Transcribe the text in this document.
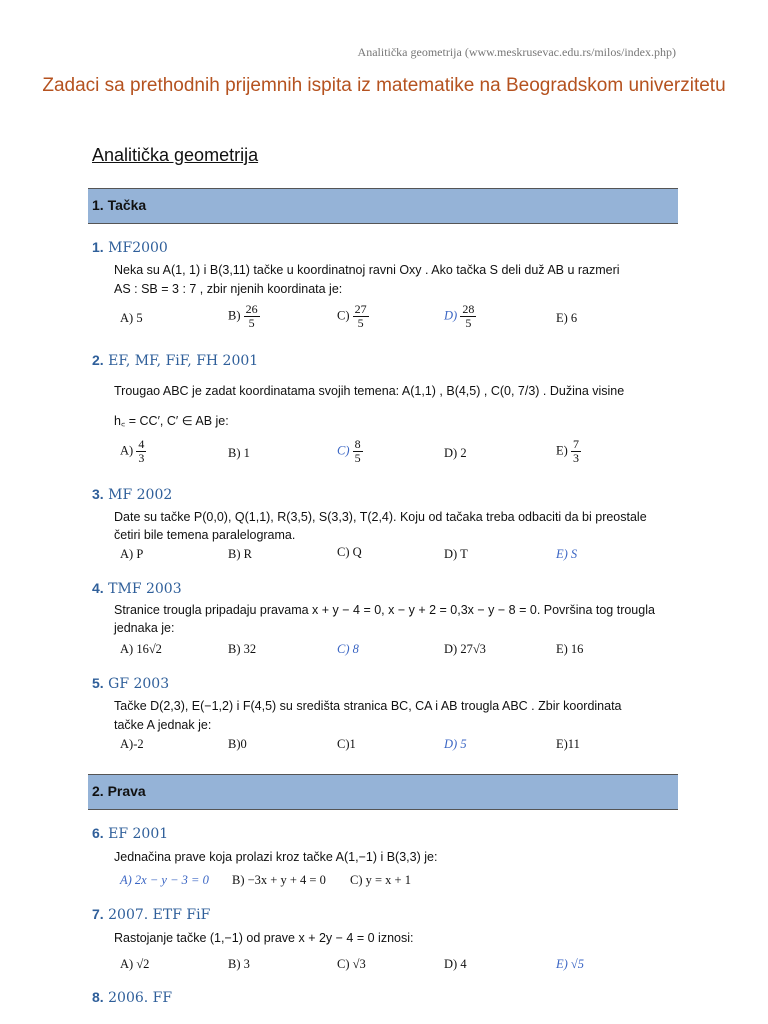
Analitička geometrija (www.meskrusevac.edu.rs/milos/index.php)
Zadaci sa prethodnih prijemnih ispita iz matematike na Beogradskom univerzitetu
Analitička geometrija
1. Tačka
2. Prava
1. MF2000
Neka su A(1, 1) i B(3,11) tačke u koordinatnoj ravni Oxy . Ako tačka S deli duž AB u razmeri
AS : SB = 3 : 7 , zbir njenih koordinata je:
A) 5	$B) \frac{26}{5}$	$C) \frac{27}{5}$	$D) \frac{28}{5}$	E) 6
2. EF, MF, FiF, FH 2001
Trougao ABC je zadat koordinatama svojih temena: A(1,1) , B(4,5) , C(0, 7/3) . Dužina visine
h꜀ = CC′, C′ ∈ AB je:
$A) \frac{4}{3}$	B) 1	$C) \frac{8}{5}$	D) 2	$E) \frac{7}{3}$
3. MF 2002
Date su tačke P(0,0), Q(1,1), R(3,5), S(3,3), T(2,4). Koju od tačaka treba odbaciti da bi preostale
četiri bile temena paralelograma.
A) P	B) R	C) Q	D) T	E) S
4. TMF 2003
Stranice trougla pripadaju pravama x + y − 4 = 0, x − y + 2 = 0,3x − y − 8 = 0. Površina tog trougla
jednaka je:
A) 16√2	B) 32	C) 8	D) 27√3	E) 16
5. GF 2003
Tačke D(2,3), E(−1,2) i F(4,5) su središta stranica BC, CA i AB trougla ABC . Zbir koordinata
tačke A jednak je:
A)-2	B)0	C)1	D) 5	E)11
6. EF 2001
Jednačina prave koja prolazi kroz tačke A(1,−1) i B(3,3) je:
A) 2x − y − 3 = 0 B) −3x + y + 4 = 0 C) y = x + 1
7. 2007. ETF FiF
Rastojanje tačke (1,−1) od prave x + 2y − 4 = 0 iznosi:
A) √2	B) 3	C) √3	D) 4	E) √5
8. 2006. FF
